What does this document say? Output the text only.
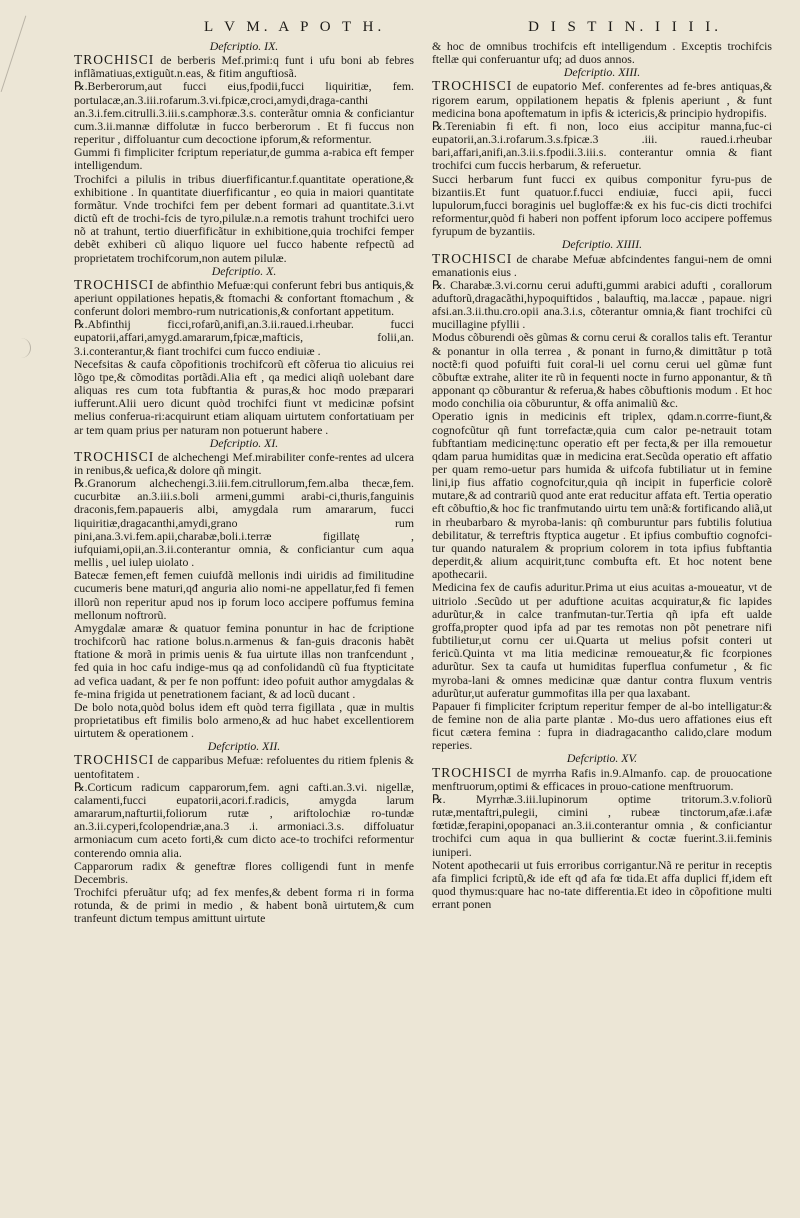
L V M. A P O T H.	D I S T I N. I I I I.

Defcriptio. IX.

TROCHISCI de berberis Mef.primi:q funt i ufu boni ab febres inflãmatiuas,extiguũt.n.eas, & fitim anguftiosã.

℞.Berberorum,aut fucci eius,fpodii,fucci liquiritiæ, fem. portulacæ,an.3.iii.rofarum.3.vi.fpicæ,croci,amydi,draga-canthi an.3.i.fem.citrulli.3.iii.s.camphoræ.3.s. conterãtur omnia & conficiantur cum.3.ii.mannæ diffolutæ in fucco berberorum . Et fi fuccus non reperitur , diffoluantur cum decoctione ipforum,& reformentur.

Gummi fi fimpliciter fcriptum reperiatur,de gumma a-rabica eft femper intelligendum.

Trochifci a pilulis in tribus diuerfificantur.f.quantitate operatione,& exhibitione . In quantitate diuerfificantur , eo quia in maiori quantitate formãtur. Vnde trochifci fem per debent formari ad quantitate.3.i.vt dictũ eft de trochi-fcis de tyro,pilulæ.n.a remotis trahunt trochifci uero nõ at trahunt, tertio diuerfificãtur in exhibitione,quia trochifci femper debẽt exhiberi cũ aliquo liquore uel fucco habente refpectũ ad proprietatem trochifcorum,non autem pilulæ.

Defcriptio. X.

TROCHISCI de abfinthio Mefuæ:qui conferunt febri bus antiquis,& aperiunt oppilationes hepatis,& ftomachi & confortant ftomachum , & conferunt dolori membro-rum nutricationis,& confortant appetitum.

℞.Abfinthij ficci,rofarũ,anifi,an.3.ii.raued.i.rheubar. fucci eupatorii,affari,amygd.amararum,fpicæ,mafticis, folii,an. 3.i.conterantur,& fiant trochifci cum fucco endiuiæ .

Necefsitas & caufa cõpofitionis trochifcorũ eft cõferua tio alicuius rei lõgo tpe,& cõmoditas portãdi.Alia eft , qa medici aliqñ uolebant dare aliquas res cum tota fubftantia & puras,& hoc modo præparari iufferunt.Alii uero dicunt quòd trochifci fiunt vt medicinæ pofsint melius conferua-ri:acquirunt etiam aliquam uirtutem confortatiuam per ar tem quam prius per naturam non potuerunt habere .

Defcriptio. XI.

TROCHISCI de alchechengi Mef.mirabiliter confe-rentes ad ulcera in renibus,& uefica,& dolore qñ mingit.

℞.Granorum alchechengi.3.iii.fem.citrullorum,fem.alba thecæ,fem. cucurbitæ an.3.iii.s.boli armeni,gummi arabi-ci,thuris,fanguinis draconis,fem.papaueris albi, amygdala rum amararum, fucci liquiritiæ,dragacanthi,amydi,grano rum pini,ana.3.vi.fem.apii,charabæ,boli.i.terræ figillatę , iufquiami,opii,an.3.ii.conterantur omnia, & conficiantur cum aqua mellis , uel iulep uiolato .

Batecæ femen,eft femen cuiufdã mellonis indi uiridis ad fimilitudine cucumeris bene maturi,qđ anguria alio nomi-ne appellatur,fed fi femen illorũ non reperitur apud nos ip forum loco accipere poffumus femina mellonum noftrorũ.

Amygdalæ amaræ & quatuor femina ponuntur in hac de fcriptione trochifcorũ hac ratione bolus.n.armenus & fan-guis draconis habẽt ftatione & morã in primis uenis & fua uirtute illas non tranfcendunt , fed quia in hoc cafu indige-mus qạ ad confolidandũ cũ fua ftypticitate ad vefica uadant, & per fe non poffunt: ideo pofuit author amygdalas & fe-mina frigida ut penetrationem faciant, & ad locũ ducant .

De bolo nota,quòd bolus idem eft quòd terra figillata , quæ in multis proprietatibus eft fimilis bolo armeno,& ad huc habet excellentiorem uirtutem & operationem .

Defcriptio. XII.

TROCHISCI de capparibus Mefuæ: refoluentes du ritiem fplenis & uentofitatem .

℞.Corticum radicum capparorum,fem. agni cafti.an.3.vi. nigellæ, calamenti,fucci eupatorii,acori.f.radicis, amygda larum amararum,nafturtii,foliorum rutæ , ariftolochiæ ro-tundæ an.3.ii.cyperi,fcolopendriæ,ana.3 .i. armoniaci.3.s. diffoluatur armoniacum cum aceto forti,& cum dicto ace-to trochifci reformentur conterendo omnia alia.

Capparorum radix & geneftræ flores colligendi funt in menfe Decembris.

Trochifci pferuãtur ufq; ad fex menfes,& debent forma ri in forma rotunda, & de primi in medio , & habent bonã uirtutem,& cum tranfeunt dictum tempus amittunt uirtute

& hoc de omnibus trochifcis eft intelligendum . Exceptis trochifcis ftellæ qui conferuantur ufq; ad duos annos.

Defcriptio. XIII.

TROCHISCI de eupatorio Mef. conferentes ad fe-bres antiquas,& rigorem earum, oppilationem hepatis & fplenis aperiunt , & funt medicina bona apoftematum in ipfis & ictericis,& principio hydropifis.

℞.Tereniabin fi eft. fi non, loco eius accipitur manna,fuc-ci eupatorii,an.3.i.rofarum.3.s.fpicæ.3 .iii. raued.i.rheubar bari,affari,anifi,an.3.ii.s.fpodii.3.iii.s. conterantur omnia & fiant trochifci cum fuccis herbarum, & referuetur.

Succi herbarum funt fucci ex quibus componitur fyru-pus de bizantiis.Et funt quatuor.f.fucci endiuiæ, fucci apii, fucci lupulorum,fucci boraginis uel bugloffæ:& ex his fuc-cis dicti trochifci reformentur,quòd fi haberi non poffent ipforum loco accipere poffemus fyrupum de byzantiis.

Defcriptio. XIIII.

TROCHISCI de charabe Mefuæ abfcindentes fangui-nem de omni emanationis eius .

℞. Charabæ.3.vi.cornu cerui adufti,gummi arabici adufti , corallorum aduftorũ,dragacãthi,hypoquiftidos , balauftiq, ma.laccæ , papaue. nigri afsi.an.3.ii.thu.cro.opii ana.3.i.s, cõterantur omnia,& fiant trochifci cũ mucillagine pfyllii .

Modus cõburendi oẽs gũmas & cornu cerui & corallos talis eft. Terantur & ponantur in olla terrea , & ponant in furno,& dimittãtur p totã noctẽ:fi quod pofuifti fuit coral-li uel cornu cerui uel gũmæ funt cõbuftæ extrahe, aliter ite rũ in fequenti nocte in furno apponantur, & tñ apponant qɔ cõburantur & referua,& habes cõbuftionis modum . Et hoc modo conchilia oia cõburuntur, & offa animaliũ &c.

Operatio ignis in medicinis eft triplex, qdam.n.corrre-fiunt,& cognofcũtur qñ funt torrefactæ,quia cum calor pe-netrauit totam fubftantiam medicinę:tunc operatio eft per fecta,& per illa remouetur qdam parua humiditas quæ in medicina erat.Secũda operatio eft affatio per quam remo-uetur pars humida & uifcofa fubtiliatur ut in femine lini,ip fius affatio cognofcitur,quia qñ incipit in fuperficie colorẽ mutare,& ad contrariũ quod ante erat reducitur affata eft. Tertia operatio eft cõbuftio,& hoc fic tranfmutando uirtu tem unã:& fortificando aliã,ut in rheubarbaro & myroba-lanis: qñ comburuntur pars fubtilis folutiua debilitatur, & terreftris ftyptica augetur . Et ipfius combuftio cognofci-tur quando naturalem & proprium colorem in tota ipfius fubftantia deperdit,& alium acquirit,tunc combufta eft. Et hoc notent bene apothecarii.

Medicina fex de caufis aduritur.Prima ut eius acuitas a-moueatur, vt de uitriolo .Secũdo ut per aduftione acuitas acquiratur,& fic lapides adurũtur,& in calce tranfmutan-tur.Tertia qñ ipfa eft ualde groffa,propter quod ipfa ad par tes remotas non põt penetrare nifi fubtilietur,ut cornu cer ui.Quarta ut melius pofsit conteri ut fericũ.Quinta vt ma litia medicinæ remoueatur,& fic fcorpiones adurũtur. Sex ta caufa ut humiditas fuperflua confumetur , & fic myroba-lani & omnes medicinæ quæ dantur contra fluxum ventris adurũtur,ut auferatur gummofitas illa per qua laxabant.

Papauer fi fimpliciter fcriptum reperitur femper de al-bo intelligatur:& de femine non de alia parte plantæ . Mo-dus uero affationes eius eft ficut cætera femina : fupra in diadragacantho calido,clare modum reperies.

Defcriptio. XV.

TROCHISCI de myrrha Rafis in.9.Almanfo. cap. de prouocatione menftruorum,optimi & efficaces in prouo-catione menftruorum.

℞. Myrrhæ.3.iii.lupinorum optime tritorum.3.v.foliorũ rutæ,mentaftri,pulegii, cimini , rubeæ tinctorum,afæ.i.afæ fœtidæ,ferapini,opopanaci an.3.ii.conterantur omnia , & conficiantur trochifci cum aqua in qua bullierint & coctæ fuerint.3.ii.feminis iuniperi.

Notent apothecarii ut fuis erroribus corrigantur.Nã re peritur in receptis afa fimplici fcriptũ,& ide eft qđ afa fœ tida.Et affa duplici ff,idem eft quod thymus:quare hac no-tate differentia.Et ideo in cõpofitione multi errant ponen
